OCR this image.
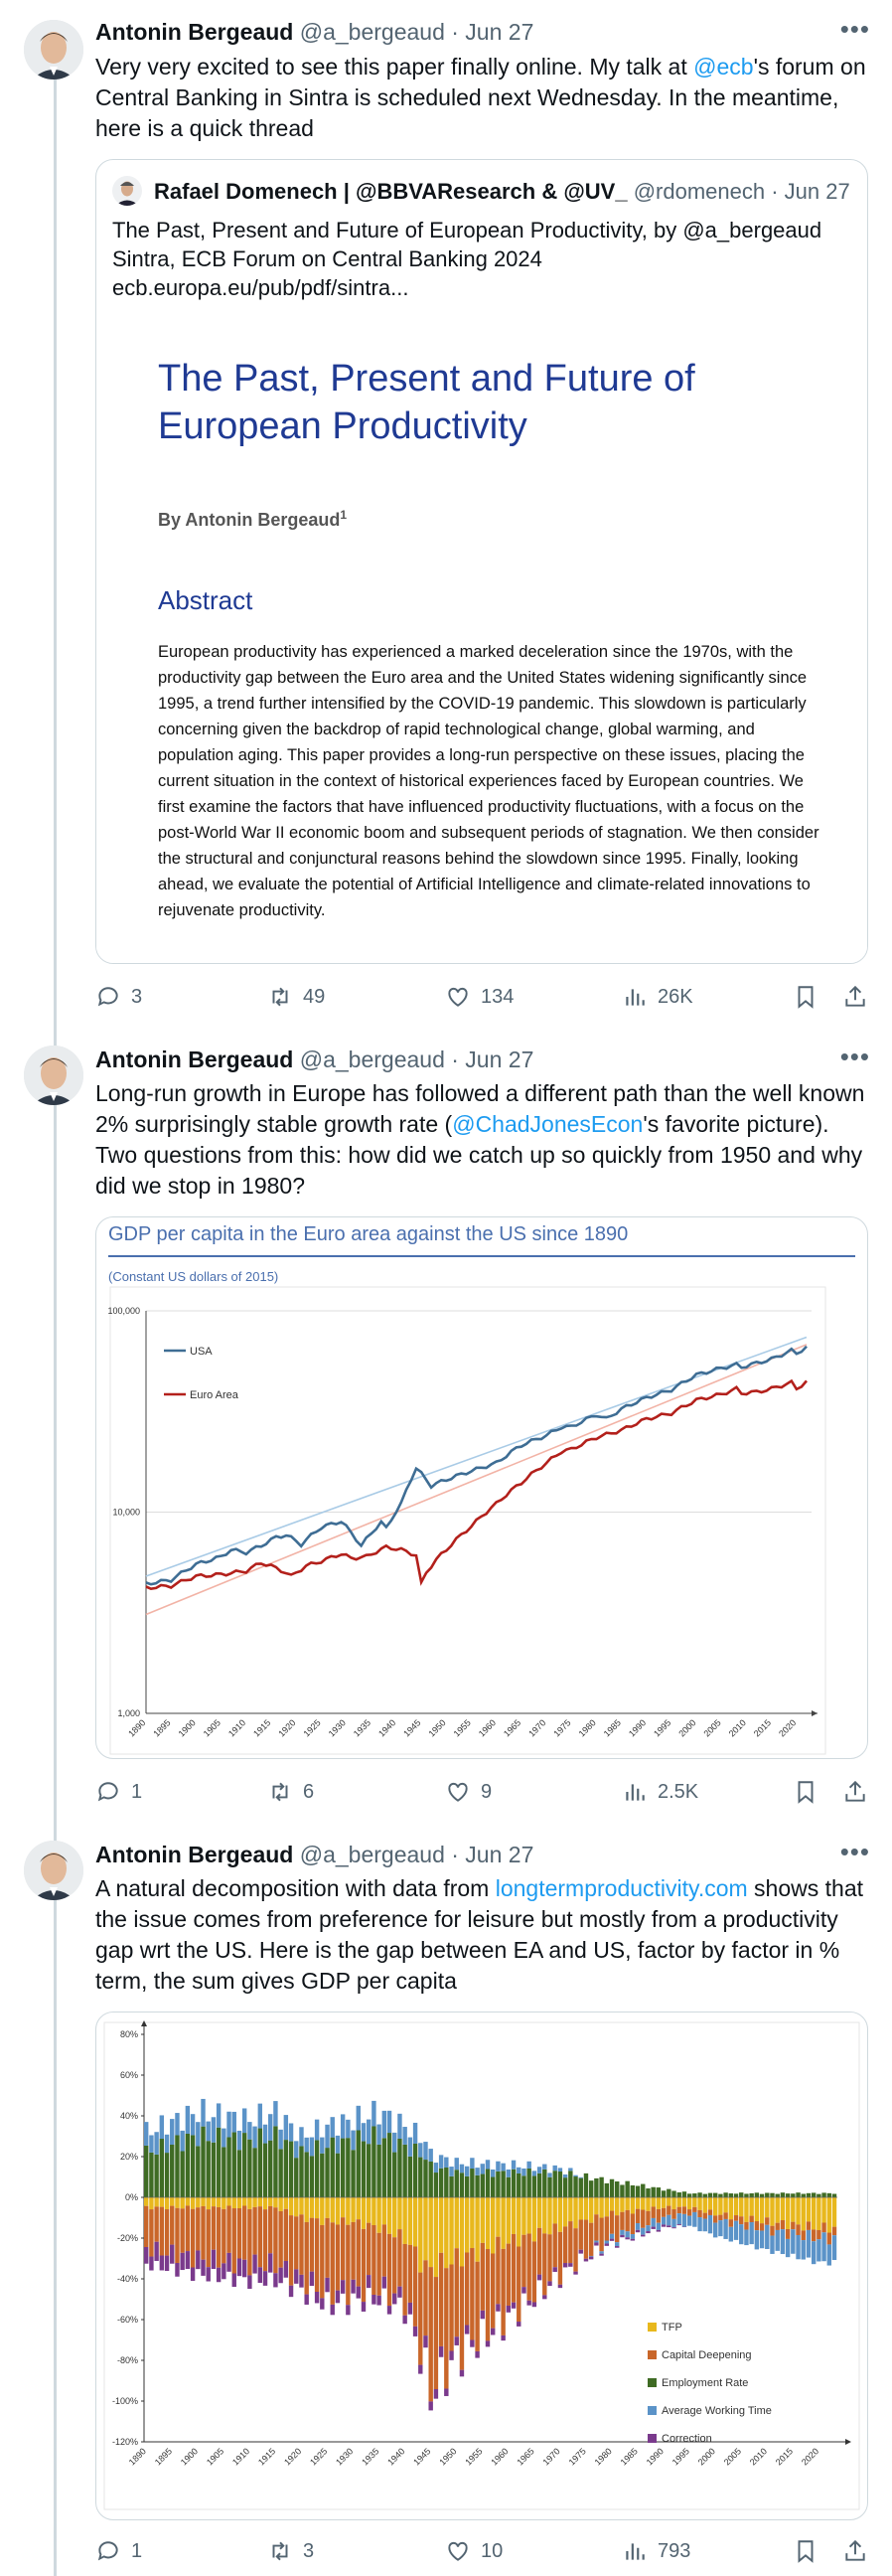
Antonin Bergeaud @a_bergeaud · Jun 27	•••
Very very excited to see this paper finally online. My talk at @ecb's forum on Central Banking in Sintra is scheduled next Wednesday. In the meantime, here is a quick thread
Rafael Domenech | @BBVAResearch & @UV_ @rdomenech · Jun 27
The Past, Present and Future of European Productivity, by @a_bergeaud
Sintra, ECB Forum on Central Banking 2024
ecb.europa.eu/pub/pdf/sintra...
The Past, Present and Future of
European Productivity
By Antonin Bergeaud$^1$
Abstract
European productivity has experienced a marked deceleration since the 1970s, with the productivity gap between the Euro area and the United States widening significantly since 1995, a trend further intensified by the COVID-19 pandemic. This slowdown is particularly concerning given the backdrop of rapid technological change, global warming, and population aging. This paper provides a long-run perspective on these issues, placing the current situation in the context of historical experiences faced by European countries. We first examine the factors that have influenced productivity fluctuations, with a focus on the post-World War II economic boom and subsequent periods of stagnation. We then consider the structural and conjunctural reasons behind the slowdown since 1995. Finally, looking ahead, we evaluate the potential of Artificial Intelligence and climate-related innovations to rejuvenate productivity.
3	49	134	26K
Antonin Bergeaud @a_bergeaud · Jun 27	•••
Long-run growth in Europe has followed a different path than the well known 2% surprisingly stable growth rate (@ChadJonesEcon's favorite picture). Two questions from this: how did we catch up so quickly from 1950 and why did we stop in 1980?
GDP per capita in the Euro area against the US since 1890
(Constant US dollars of 2015)
1,000
10,000
100,000
1890 1895 1900 1905 1910 1915 1920 1925 1930 1935 1940 1945 1950 1955 1960 1965 1970 1975 1980 1985 1990 1995 2000 2005 2010 2015 2020
USA
Euro Area
1	6	9	2.5K
Antonin Bergeaud @a_bergeaud · Jun 27	•••
A natural decomposition with data from longtermproductivity.com shows that the issue comes from preference for leisure but mostly from a productivity gap wrt the US. Here is the gap between EA and US, factor by factor in % term, the sum gives GDP per capita
-120%
-100%
-80%
-60%
-40%
-20%
0%
20%
40%
60%
80%
1890 1895 1900 1905 1910 1915 1920 1925 1930 1935 1940 1945 1950 1955 1960 1965 1970 1975 1980 1985 1990 1995 2000 2005 2010 2015 2020
TFP
Capital Deepening
Employment Rate
Average Working Time
Correction
1	3	10	793
